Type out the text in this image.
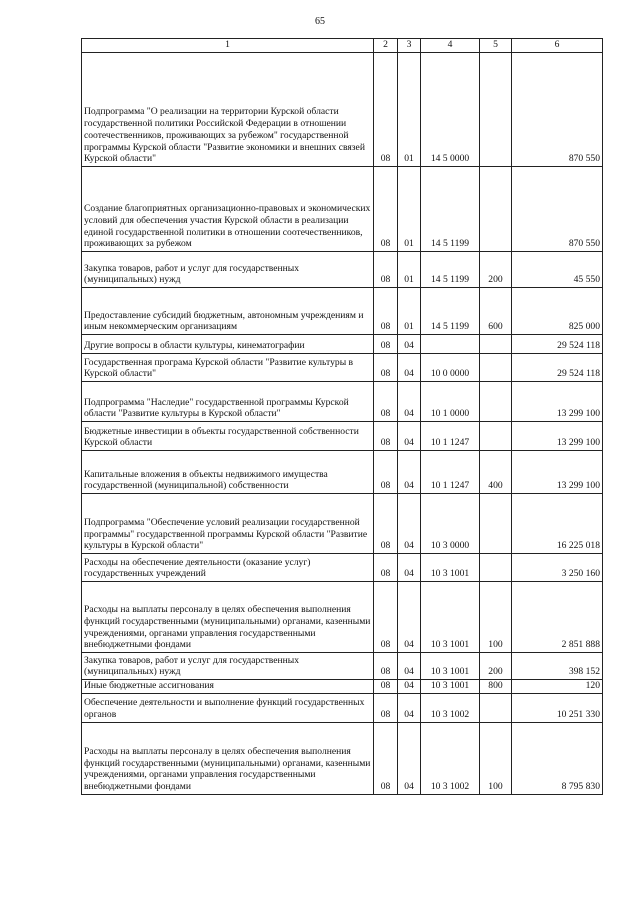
65
1	2	3	4	5	6
Подпрограмма "О реализации на территории Курской области государственной политики Российской Федерации в отношении соотечественников, проживающих за рубежом" государственной программы Курской области "Развитие экономики и внешних связей Курской области"	08	01	14 5 0000		870 550
Создание благоприятных организационно-правовых и экономических условий для обеспечения участия Курской области в реализации единой государственной политики в отношении соотечественников, проживающих за рубежом	08	01	14 5 1199		870 550
Закупка товаров, работ и услуг для государственных (муниципальных) нужд	08	01	14 5 1199	200	45 550
Предоставление субсидий бюджетным, автономным учреждениям и иным некоммерческим организациям	08	01	14 5 1199	600	825 000
Другие вопросы в области культуры, кинематографии	08	04			29 524 118
Государственная програма Курской области "Развитие культуры в Курской области"	08	04	10 0 0000		29 524 118
Подпрограмма "Наследие" государственной программы Курской области "Развитие культуры в Курской области"	08	04	10 1 0000		13 299 100
Бюджетные инвестиции в объекты государственной собственности Курской области	08	04	10 1 1247		13 299 100
Капитальные вложения в объекты недвижимого имущества государственной (муниципальной) собственности	08	04	10 1 1247	400	13 299 100
Подпрограмма "Обеспечение условий реализации государственной программы" государственной программы Курской области "Развитие культуры в Курской области"	08	04	10 3 0000		16 225 018
Расходы на обеспечение деятельности (оказание услуг) государственных учреждений	08	04	10 3 1001		3 250 160
Расходы на выплаты персоналу в целях обеспечения выполнения функций государственными (муниципальными) органами, казенными учреждениями, органами управления государственными внебюджетными фондами	08	04	10 3 1001	100	2 851 888
Закупка товаров, работ и услуг для государственных (муниципальных) нужд	08	04	10 3 1001	200	398 152
Иные бюджетные ассигнования	08	04	10 3 1001	800	120
Обеспечение деятельности и выполнение функций государственных органов	08	04	10 3 1002		10 251 330
Расходы на выплаты персоналу в целях обеспечения выполнения функций государственными (муниципальными) органами, казенными учреждениями, органами управления государственными внебюджетными фондами	08	04	10 3 1002	100	8 795 830
